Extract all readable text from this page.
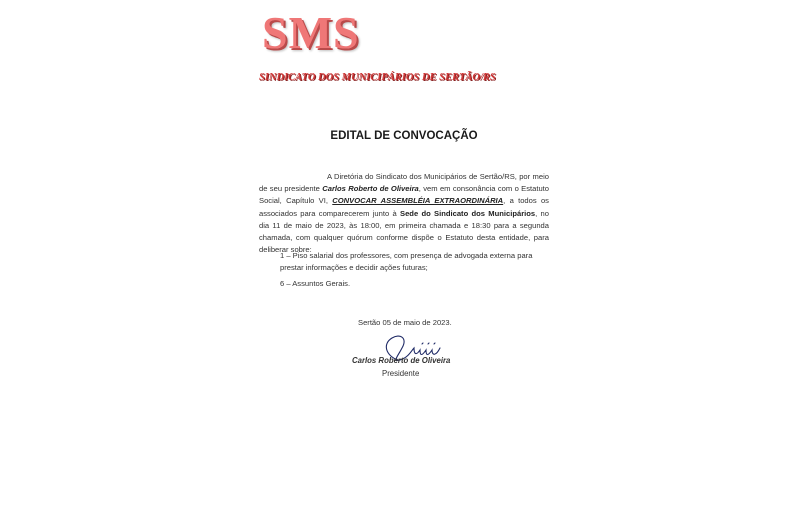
SMS
SINDICATO DOS MUNICIPÁRIOS DE SERTÃO/RS
EDITAL DE CONVOCAÇÃO

A Diretória do Sindicato dos Municipários de Sertão/RS, por meio de seu presidente Carlos Roberto de Oliveira, vem em consonância com o Estatuto Social, Capítulo VI, CONVOCAR ASSEMBLÉIA EXTRAORDINÁRIA, a todos os associados para comparecerem junto à Sede do Sindicato dos Municipários, no dia 11 de maio de 2023, às 18:00, em primeira chamada e 18:30 para a segunda chamada, com qualquer quórum conforme dispõe o Estatuto desta entidade, para deliberar sobre:

1 – Piso salarial dos professores, com presença de advogada externa para prestar informações e decidir ações futuras;
6 – Assuntos Gerais.
Sertão 05 de maio de 2023.
Carlos Roberto de Oliveira
Presidente
